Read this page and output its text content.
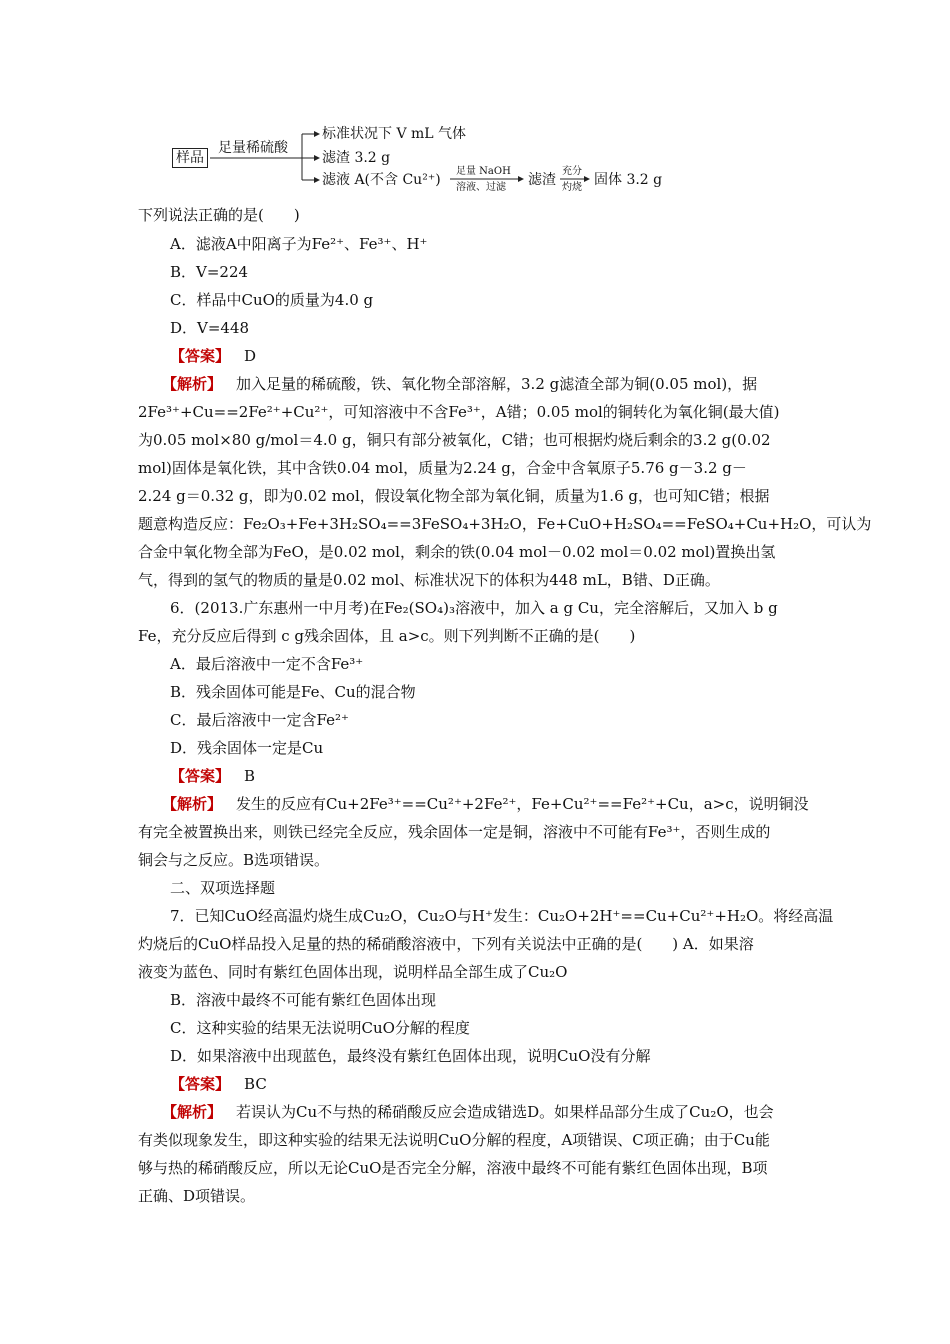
样品
足量稀硫酸
标准状况下 V mL 气体
滤渣 3.2 g
滤液 A(不含 Cu²⁺)
足量 NaOH
溶液、过滤 滤渣
充分
灼烧 固体 3.2 g
下列说法正确的是(　　)
A．滤液A中阳离子为Fe²⁺、Fe³⁺、H⁺
B．V=224
C．样品中CuO的质量为4.0 g
D．V=448
【答案】 D
【解析】 加入足量的稀硫酸，铁、氧化物全部溶解，3.2 g滤渣全部为铜(0.05 mol)，据
2Fe³⁺+Cu==2Fe²⁺+Cu²⁺，可知溶液中不含Fe³⁺，A错；0.05 mol的铜转化为氧化铜(最大值)
为0.05 mol×80 g/mol＝4.0 g，铜只有部分被氧化，C错；也可根据灼烧后剩余的3.2 g(0.02
mol)固体是氧化铁，其中含铁0.04 mol，质量为2.24 g，合金中含氧原子5.76 g－3.2 g－
2.24 g＝0.32 g，即为0.02 mol，假设氧化物全部为氧化铜，质量为1.6 g，也可知C错；根据
题意构造反应：Fe₂O₃+Fe+3H₂SO₄==3FeSO₄+3H₂O，Fe+CuO+H₂SO₄==FeSO₄+Cu+H₂O，可认为
合金中氧化物全部为FeO，是0.02 mol，剩余的铁(0.04 mol－0.02 mol＝0.02 mol)置换出氢
气，得到的氢气的物质的量是0.02 mol、标准状况下的体积为448 mL，B错、D正确。
6．(2013.广东惠州一中月考)在Fe₂(SO₄)₃溶液中，加入 a g Cu，完全溶解后，又加入 b g
Fe，充分反应后得到 c g残余固体，且 a>c。则下列判断不正确的是(　　)
A．最后溶液中一定不含Fe³⁺
B．残余固体可能是Fe、Cu的混合物
C．最后溶液中一定含Fe²⁺
D．残余固体一定是Cu
【答案】 B
【解析】 发生的反应有Cu+2Fe³⁺==Cu²⁺+2Fe²⁺，Fe+Cu²⁺==Fe²⁺+Cu，a>c，说明铜没
有完全被置换出来，则铁已经完全反应，残余固体一定是铜，溶液中不可能有Fe³⁺，否则生成的
铜会与之反应。B选项错误。
二、双项选择题
7．已知CuO经高温灼烧生成Cu₂O，Cu₂O与H⁺发生：Cu₂O+2H⁺==Cu+Cu²⁺+H₂O。将经高温
灼烧后的CuO样品投入足量的热的稀硝酸溶液中，下列有关说法中正确的是(　　) A．如果溶
液变为蓝色、同时有紫红色固体出现，说明样品全部生成了Cu₂O
B．溶液中最终不可能有紫红色固体出现
C．这种实验的结果无法说明CuO分解的程度
D．如果溶液中出现蓝色，最终没有紫红色固体出现，说明CuO没有分解
【答案】 BC
【解析】 若误认为Cu不与热的稀硝酸反应会造成错选D。如果样品部分生成了Cu₂O，也会
有类似现象发生，即这种实验的结果无法说明CuO分解的程度，A项错误、C项正确；由于Cu能
够与热的稀硝酸反应，所以无论CuO是否完全分解，溶液中最终不可能有紫红色固体出现，B项
正确、D项错误。
